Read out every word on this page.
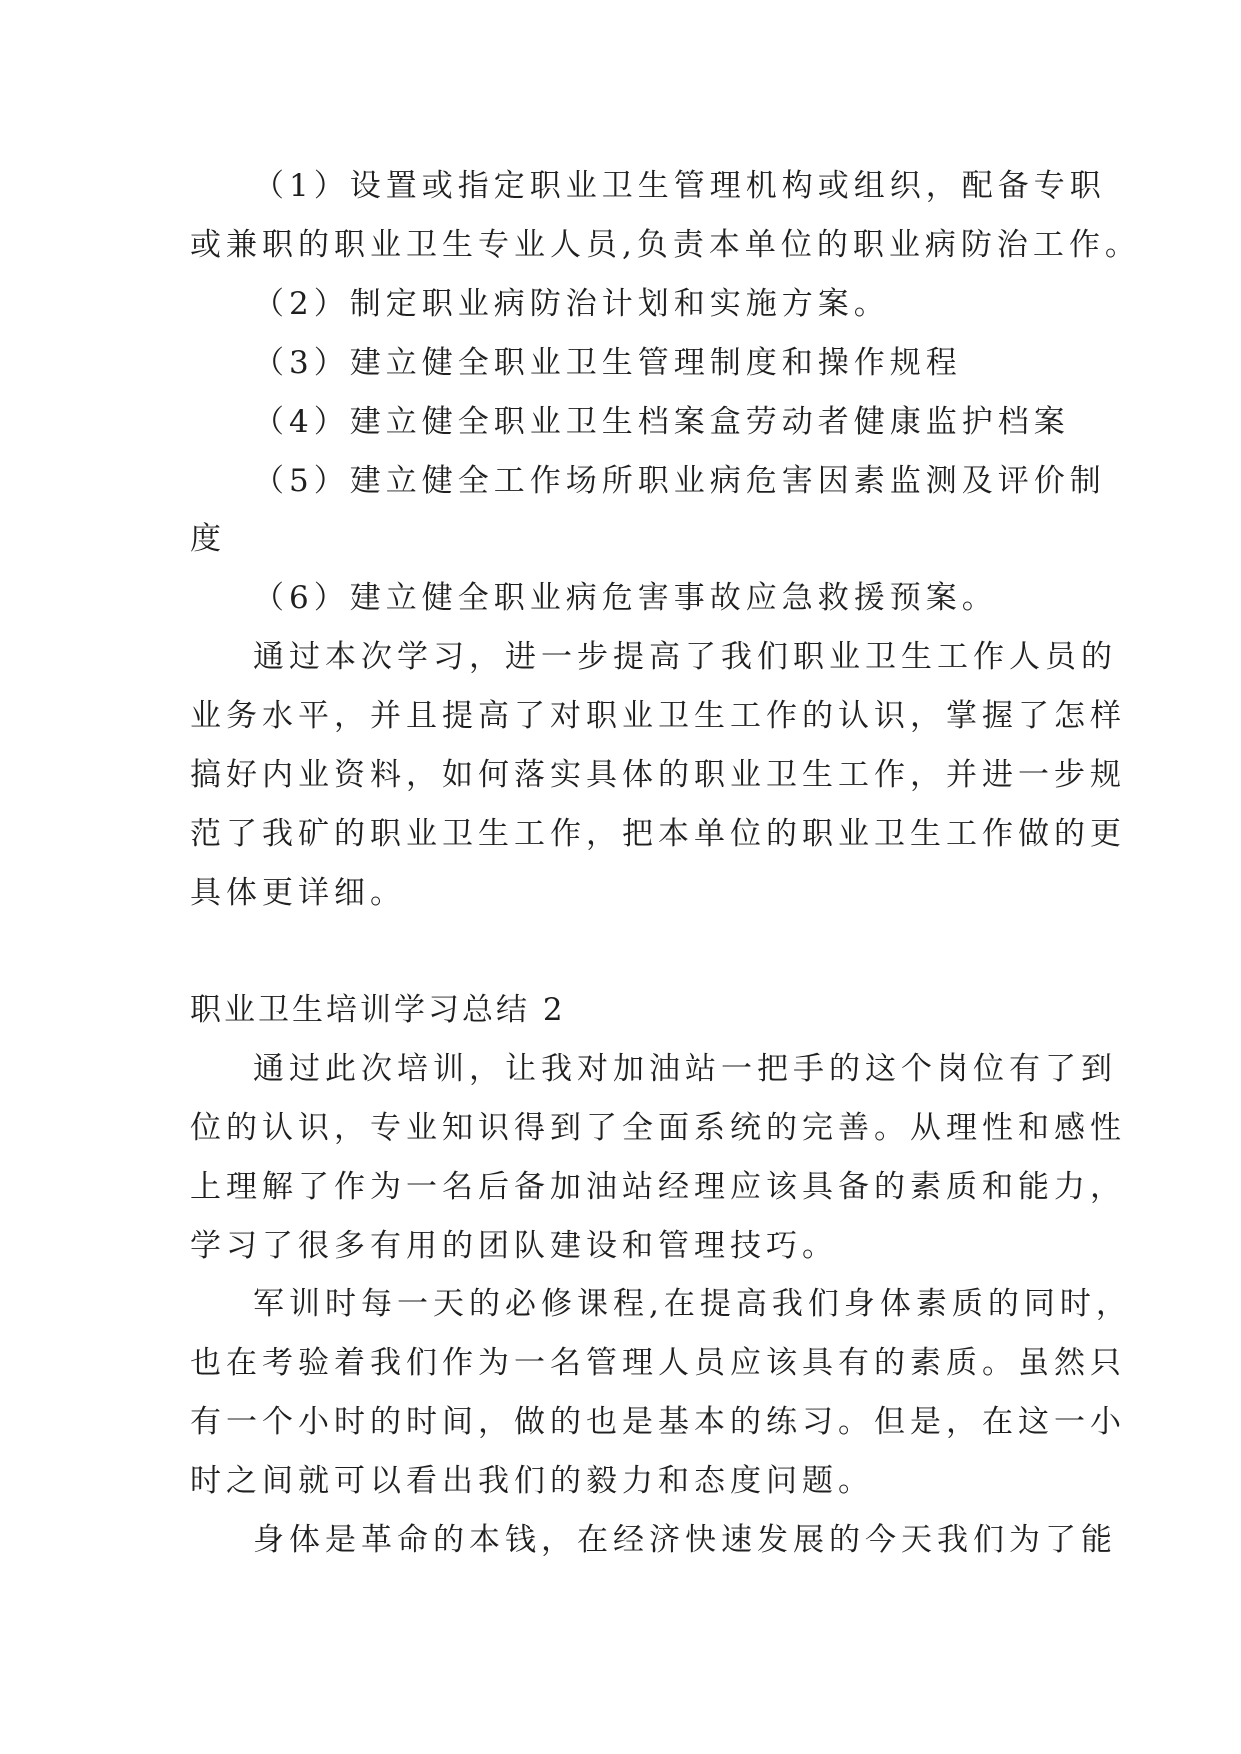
（1）设置或指定职业卫生管理机构或组织，配备专职
或兼职的职业卫生专业人员,负责本单位的职业病防治工作。
（2）制定职业病防治计划和实施方案。
（3）建立健全职业卫生管理制度和操作规程
（4）建立健全职业卫生档案盒劳动者健康监护档案
（5）建立健全工作场所职业病危害因素监测及评价制
度
（6）建立健全职业病危害事故应急救援预案。
通过本次学习，进一步提高了我们职业卫生工作人员的
业务水平，并且提高了对职业卫生工作的认识，掌握了怎样
搞好内业资料，如何落实具体的职业卫生工作，并进一步规
范了我矿的职业卫生工作，把本单位的职业卫生工作做的更
具体更详细。
职业卫生培训学习总结 2
通过此次培训，让我对加油站一把手的这个岗位有了到
位的认识，专业知识得到了全面系统的完善。从理性和感性
上理解了作为一名后备加油站经理应该具备的素质和能力，
学习了很多有用的团队建设和管理技巧。
军训时每一天的必修课程,在提高我们身体素质的同时，
也在考验着我们作为一名管理人员应该具有的素质。虽然只
有一个小时的时间，做的也是基本的练习。但是，在这一小
时之间就可以看出我们的毅力和态度问题。
身体是革命的本钱，在经济快速发展的今天我们为了能
